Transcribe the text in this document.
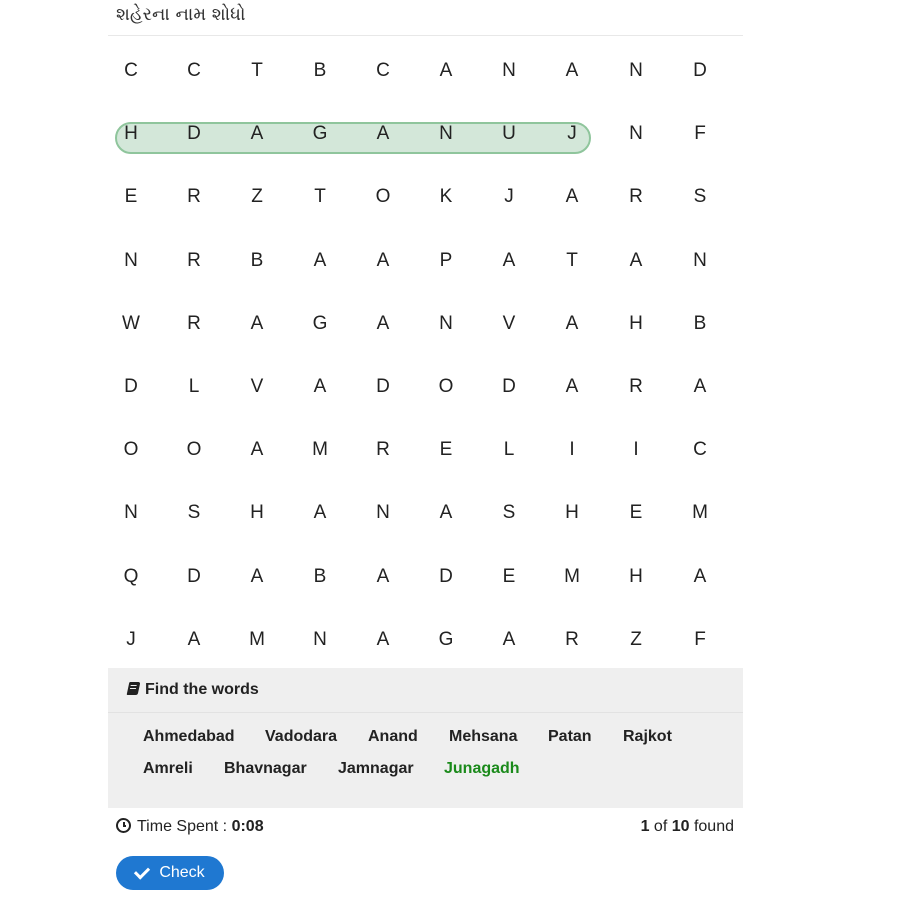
શહેરના નામ શોધો
C	C	T	B	C	A	N	A	N	D
H	D	A	G	A	N	U	J	N	F
E	R	Z	T	O	K	J	A	R	S
N	R	B	A	A	P	A	T	A	N
W	R	A	G	A	N	V	A	H	B
D	L	V	A	D	O	D	A	R	A
O	O	A	M	R	E	L	I	I	C
N	S	H	A	N	A	S	H	E	M
Q	D	A	B	A	D	E	M	H	A
J	A	M	N	A	G	A	R	Z	F
Find the words
Ahmedabad Vadodara Anand Mehsana Patan Rajkot
Amreli Bhavnagar Jamnagar Junagadh
Time Spent : 0:08	1 of 10 found
Check
